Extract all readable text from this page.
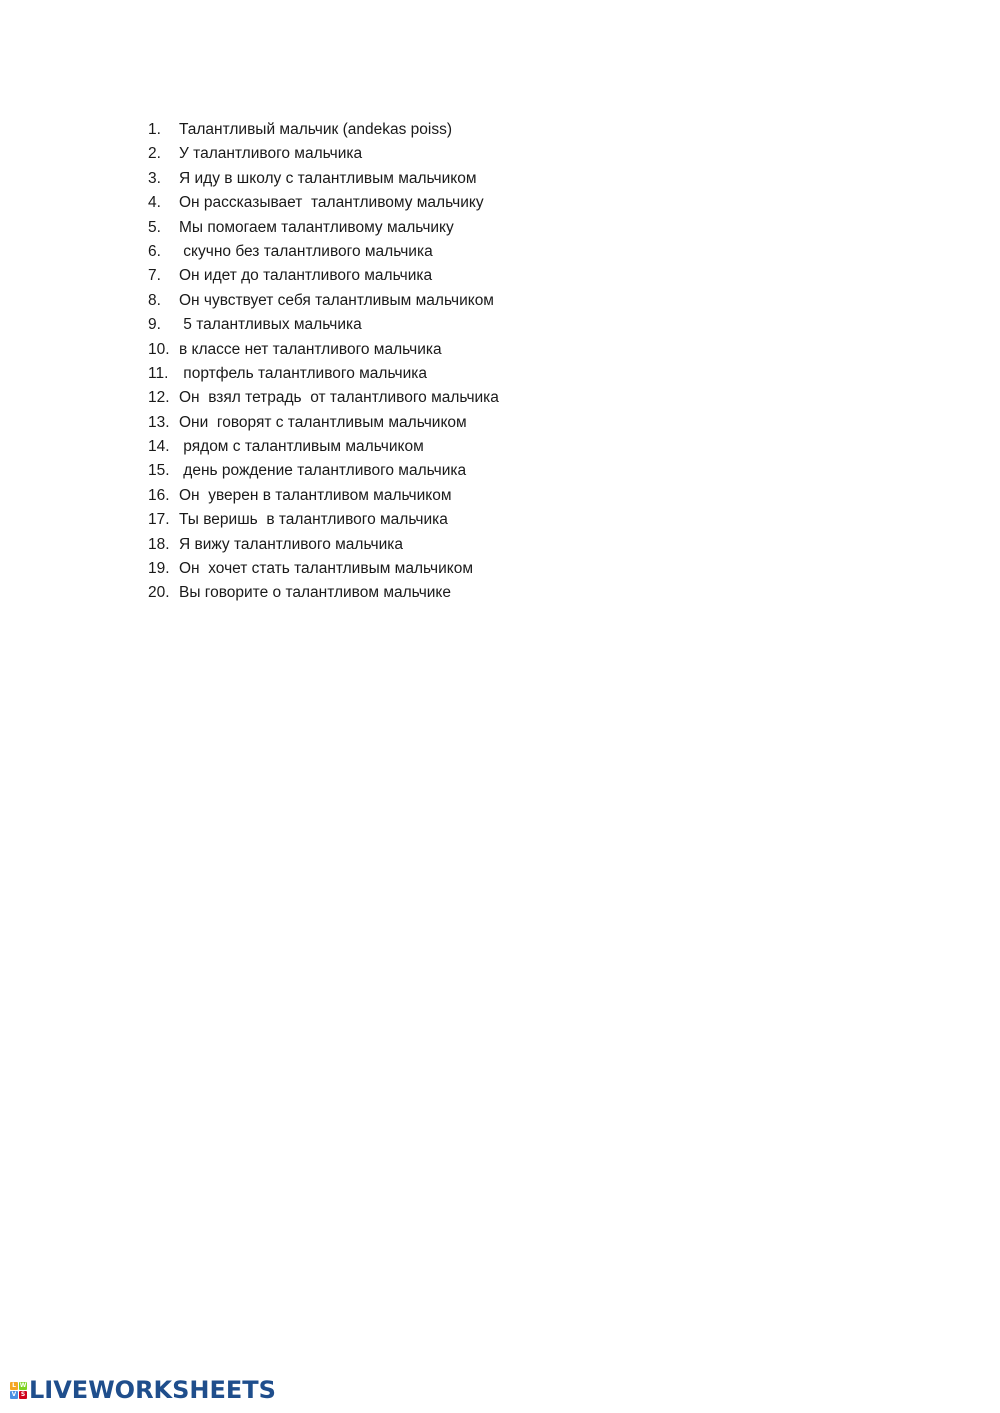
1.	Талантливый мальчик (andekas poiss)
2.	У талантливого мальчика
3.	Я иду в школу с талантливым мальчиком
4.	Он рассказывает  талантливому мальчику
5.	Мы помогаем талантливому мальчику
6.	скучно без талантливого мальчика
7.	Он идет до талантливого мальчика
8.	Он чувствует себя талантливым мальчиком
9.	5 талантливых мальчика
10. в классе нет талантливого мальчика
11. портфель талантливого мальчика
12. Он  взял тетрадь  от талантливого мальчика
13. Они  говорят с талантливым мальчиком
14. рядом с талантливым мальчиком
15. день рождение талантливого мальчика
16. Он  уверен в талантливом мальчиком
17. Ты веришь  в талантливого мальчика
18. Я вижу талантливого мальчика
19. Он  хочет стать талантливым мальчиком
20. Вы говорите о талантливом мальчике
L W
V S LIVEWORKSHEETS
